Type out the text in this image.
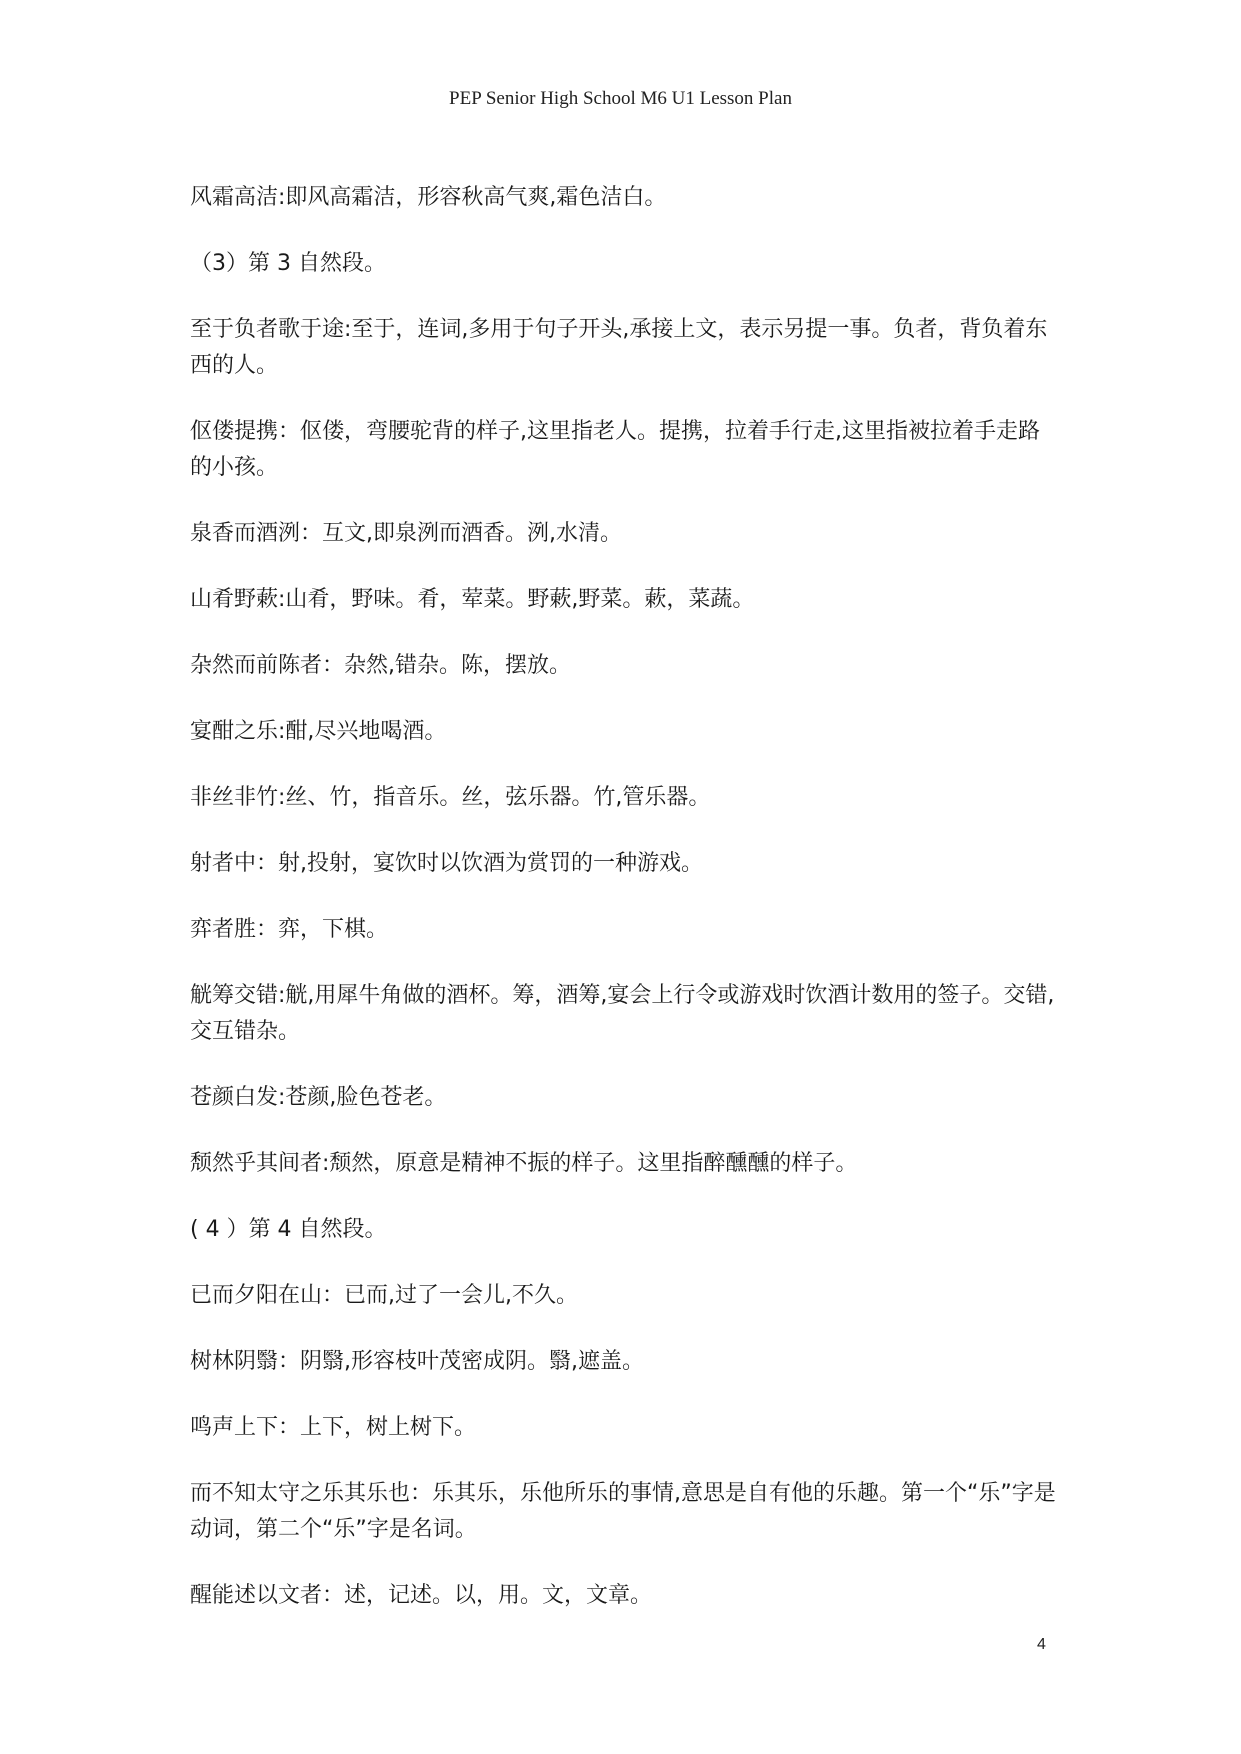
PEP Senior High School M6 U1 Lesson Plan

风霜高洁:即风高霜洁，形容秋高气爽,霜色洁白。

（3）第 3 自然段。

至于负者歌于途:至于，连词,多用于句子开头,承接上文，表示另提一事。负者，背负着东西的人。

伛偻提携：伛偻，弯腰驼背的样子,这里指老人。提携，拉着手行走,这里指被拉着手走路的小孩。

泉香而酒洌：互文,即泉洌而酒香。洌,水清。

山肴野蔌:山肴，野味。肴，荤菜。野蔌,野菜。蔌，菜蔬。

杂然而前陈者：杂然,错杂。陈，摆放。

宴酣之乐:酣,尽兴地喝酒。

非丝非竹:丝、竹，指音乐。丝，弦乐器。竹,管乐器。

射者中：射,投射，宴饮时以饮酒为赏罚的一种游戏。

弈者胜：弈，下棋。

觥筹交错:觥,用犀牛角做的酒杯。筹，酒筹,宴会上行令或游戏时饮酒计数用的签子。交错,交互错杂。

苍颜白发:苍颜,脸色苍老。

颓然乎其间者:颓然，原意是精神不振的样子。这里指醉醺醺的样子。

( 4 ）第 4 自然段。

已而夕阳在山：已而,过了一会儿,不久。

树林阴翳：阴翳,形容枝叶茂密成阴。翳,遮盖。

鸣声上下：上下，树上树下。

而不知太守之乐其乐也：乐其乐，乐他所乐的事情,意思是自有他的乐趣。第一个“乐”字是动词，第二个“乐”字是名词。

醒能述以文者：述，记述。以，用。文，文章。

4
